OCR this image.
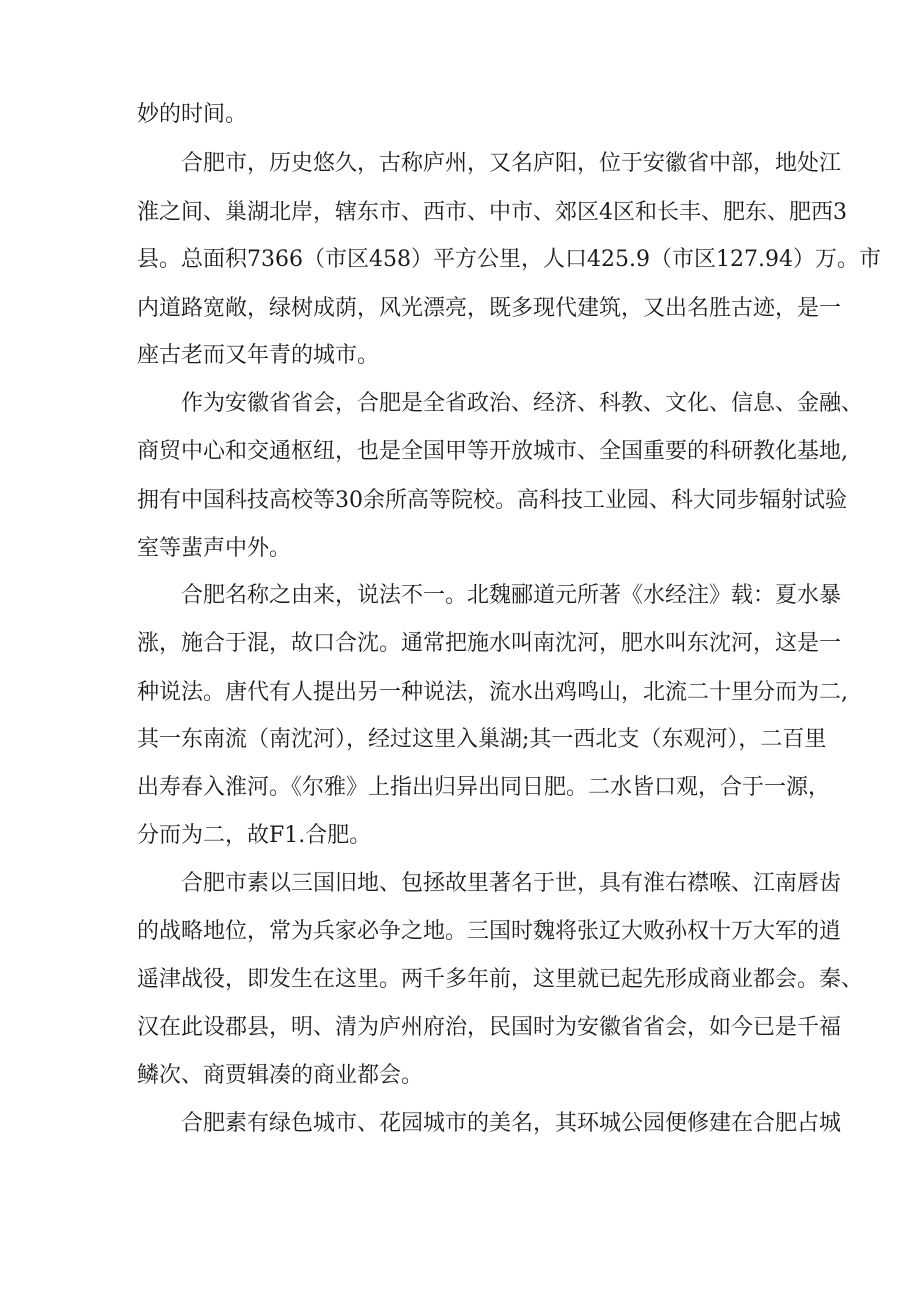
妙的时间。
合肥市，历史悠久，古称庐州，又名庐阳，位于安徽省中部，地处江
淮之间、巢湖北岸，辖东市、西市、中市、郊区4区和长丰、肥东、肥西3
县。总面积7366（市区458）平方公里，人口425.9（市区127.94）万。市
内道路宽敞，绿树成荫，风光漂亮，既多现代建筑，又出名胜古迹，是一
座古老而又年青的城市。
作为安徽省省会，合肥是全省政治、经济、科教、文化、信息、金融、
商贸中心和交通枢纽，也是全国甲等开放城市、全国重要的科研教化基地,
拥有中国科技高校等30余所高等院校。高科技工业园、科大同步辐射试验
室等蜚声中外。
合肥名称之由来，说法不一。北魏郦道元所著《水经注》载：夏水暴
涨，施合于混，故口合沈。通常把施水叫南沈河，肥水叫东沈河，这是一
种说法。唐代有人提出另一种说法，流水出鸡鸣山，北流二十里分而为二,
其一东南流（南沈河），经过这里入巢湖;其一西北支（东观河），二百里
出寿春入淮河。《尔雅》上指出归异出同日肥。二水皆口观，合于一源，
分而为二，故F1.合肥。
合肥市素以三国旧地、包拯故里著名于世，具有淮右襟喉、江南唇齿
的战略地位，常为兵家必争之地。三国时魏将张辽大败孙权十万大军的逍
遥津战役，即发生在这里。两千多年前，这里就已起先形成商业都会。秦、
汉在此设郡县，明、清为庐州府治，民国时为安徽省省会，如今已是千福
鳞次、商贾辑凑的商业都会。
合肥素有绿色城市、花园城市的美名，其环城公园便修建在合肥占城
